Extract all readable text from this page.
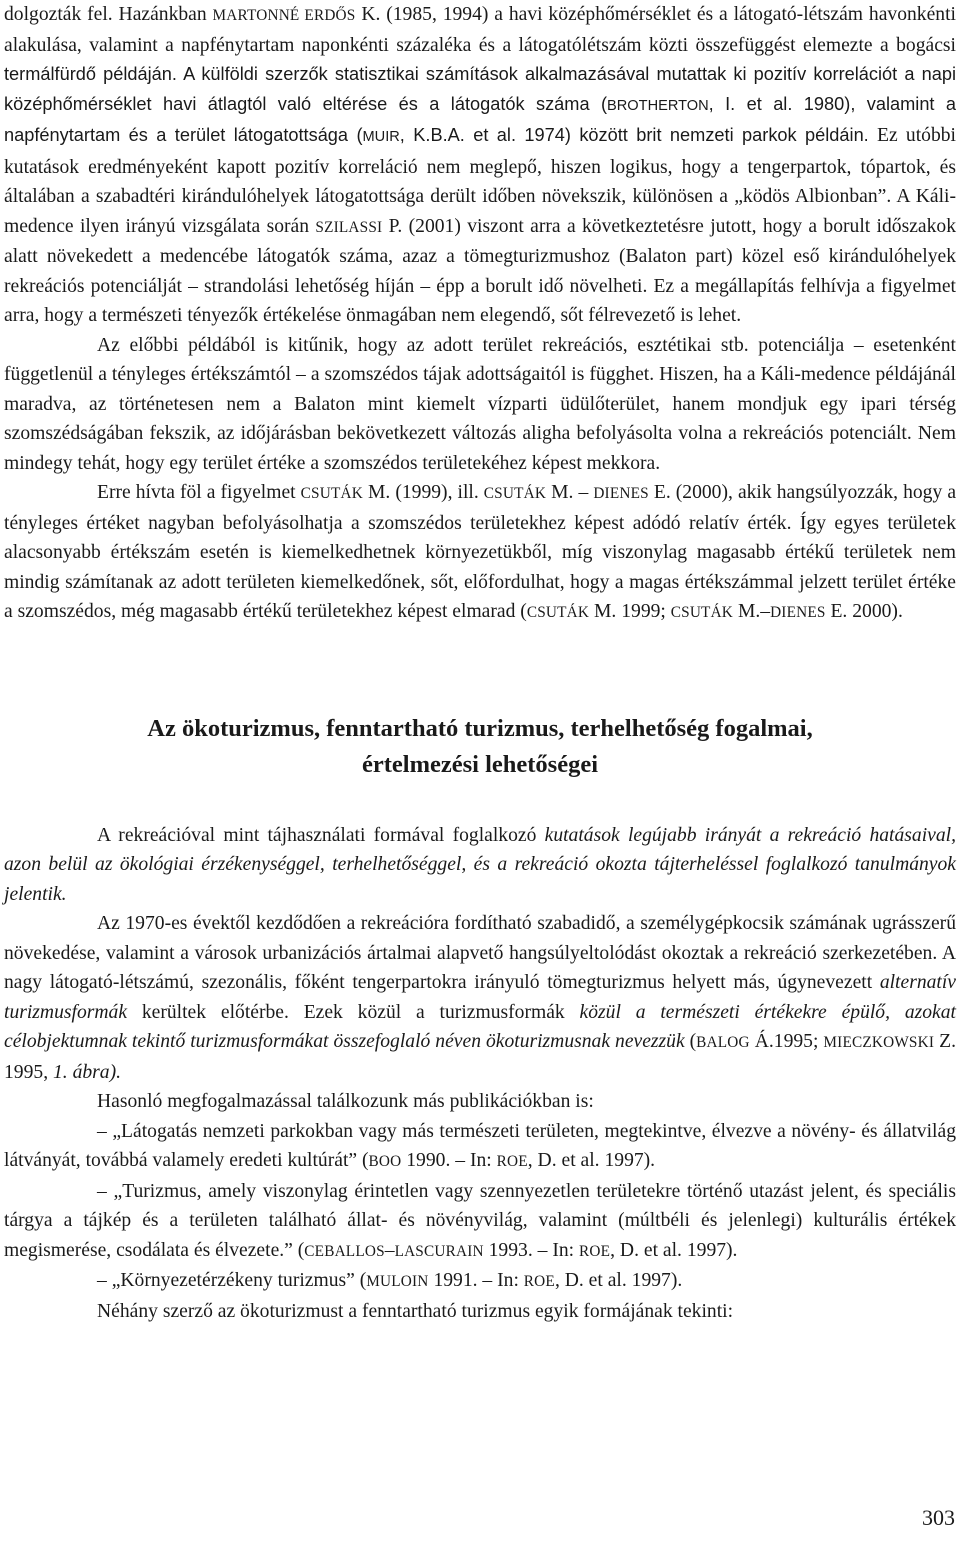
dolgozták fel. Hazánkban MARTONNÉ ERDŐS K. (1985, 1994) a havi középhőmérséklet és a látogató-létszám havonkénti alakulása, valamint a napfénytartam naponkénti százaléka és a látogatólétszám közti összefüggést elemezte a bogácsi termálfürdő példáján. A külföldi szerzők statisztikai számítások alkalmazásával mutattak ki pozitív korrelációt a napi középhőmérséklet havi átlagtól való eltérése és a látogatók száma (BROTHERTON, I. et al. 1980), valamint a napfénytartam és a terület látogatottsága (MUIR, K.B.A. et al. 1974) között brit nemzeti parkok példáin. Ez utóbbi kutatások eredményeként kapott pozitív korreláció nem meglepő, hiszen logikus, hogy a tengerpartok, tópartok, és általában a szabadtéri kirándulóhelyek látogatottsága derült időben növekszik, különösen a „ködös Albionban”. A Káli-medence ilyen irányú vizsgálata során SZILASSI P. (2001) viszont arra a következtetésre jutott, hogy a borult időszakok alatt növekedett a medencébe látogatók száma, azaz a tömegturizmushoz (Balaton part) közel eső kirándulóhelyek rekreációs potenciálját – strandolási lehetőség híján – épp a borult idő növelheti. Ez a megállapítás felhívja a figyelmet arra, hogy a természeti tényezők értékelése önmagában nem elegendő, sőt félrevezető is lehet.

Az előbbi példából is kitűnik, hogy az adott terület rekreációs, esztétikai stb. potenciálja – esetenként függetlenül a tényleges értékszámtól – a szomszédos tájak adottságaitól is függhet. Hiszen, ha a Káli-medence példájánál maradva, az történetesen nem a Balaton mint kiemelt vízparti üdülőterület, hanem mondjuk egy ipari térség szomszédságában fekszik, az időjárásban bekövetkezett változás aligha befolyásolta volna a rekreációs potenciált. Nem mindegy tehát, hogy egy terület értéke a szomszédos területekéhez képest mekkora.

Erre hívta föl a figyelmet CSUTÁK M. (1999), ill. CSUTÁK M. – DIENES E. (2000), akik hangsúlyozzák, hogy a tényleges értéket nagyban befolyásolhatja a szomszédos területekhez képest adódó relatív érték. Így egyes területek alacsonyabb értékszám esetén is kiemelkedhetnek környezetükből, míg viszonylag magasabb értékű területek nem mindig számítanak az adott területen kiemelkedőnek, sőt, előfordulhat, hogy a magas értékszámmal jelzett terület értéke a szomszédos, még magasabb értékű területekhez képest elmarad (CSUTÁK M. 1999; CSUTÁK M.–DIENES E. 2000).

Az ökoturizmus, fenntartható turizmus, terhelhetőség fogalmai,
értelmezési lehetőségei

A rekreációval mint tájhasználati formával foglalkozó kutatások legújabb irányát a rekreáció hatásaival, azon belül az ökológiai érzékenységgel, terhelhetőséggel, és a rekreáció okozta tájterheléssel foglalkozó tanulmányok jelentik.

Az 1970-es évektől kezdődően a rekreációra fordítható szabadidő, a személygépkocsik számának ugrásszerű növekedése, valamint a városok urbanizációs ártalmai alapvető hangsúlyeltolódást okoztak a rekreáció szerkezetében. A nagy látogató-létszámú, szezonális, főként tengerpartokra irányuló tömegturizmus helyett más, úgynevezett alternatív turizmusformák kerültek előtérbe. Ezek közül a turizmusformák közül a természeti értékekre épülő, azokat célobjektumnak tekintő turizmusformákat összefoglaló néven ökoturizmusnak nevezzük (BALOG Á.1995; MIECZKOWSKI Z. 1995, 1. ábra).

Hasonló megfogalmazással találkozunk más publikációkban is:

– „Látogatás nemzeti parkokban vagy más természeti területen, megtekintve, élvezve a növény- és állatvilág látványát, továbbá valamely eredeti kultúrát” (BOO 1990. – In: ROE, D. et al. 1997).

– „Turizmus, amely viszonylag érintetlen vagy szennyezetlen területekre történő utazást jelent, és speciális tárgya a tájkép és a területen található állat- és növényvilág, valamint (múltbéli és jelenlegi) kulturális értékek megismerése, csodálata és élvezete.” (CEBALLOS–LASCURAIN 1993. – In: ROE, D. et al. 1997).

– „Környezetérzékeny turizmus” (MULOIN 1991. – In: ROE, D. et al. 1997).

Néhány szerző az ökoturizmust a fenntartható turizmus egyik formájának tekinti:

303
